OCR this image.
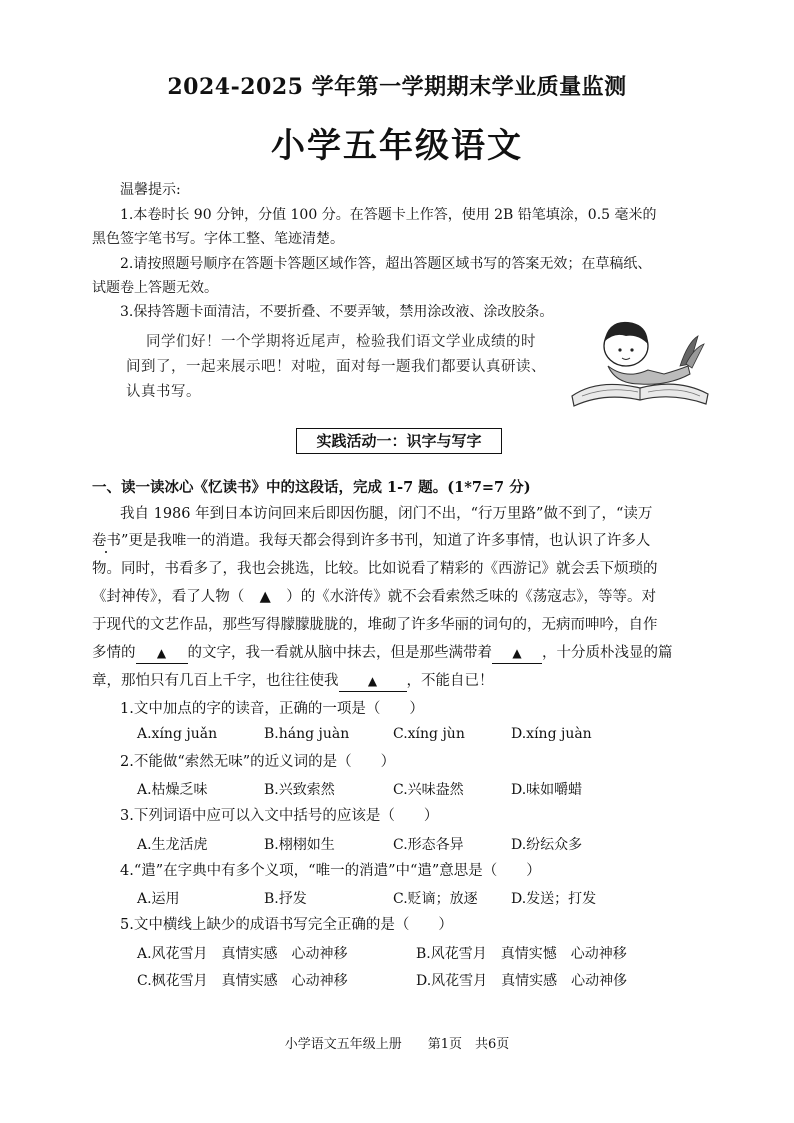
2024-2025 学年第一学期期末学业质量监测
小学五年级语文
温馨提示:
1.本卷时长 90 分钟，分值 100 分。在答题卡上作答，使用 2B 铅笔填涂，0.5 毫米的
黑色签字笔书写。字体工整、笔迹清楚。
2.请按照题号顺序在答题卡答题区域作答，超出答题区域书写的答案无效；在草稿纸、
试题卷上答题无效。
3.保持答题卡面清洁，不要折叠、不要弄皱，禁用涂改液、涂改胶条。
同学们好！一个学期将近尾声，检验我们语文学业成绩的时
间到了，一起来展示吧！对啦，面对每一题我们都要认真研读、
认真书写。
实践活动一：识字与写字
一、读一读冰心《忆读书》中的这段话，完成 1-7 题。(1*7=7 分)
我自 1986 年到日本访问回来后即因伤腿，闭门不出，“行万里路”做不到了，“读万
卷书”更是我唯一的消遣。我每天都会得到许多书刊，知道了许多事情，也认识了许多人
物。同时，书看多了，我也会挑选，比较。比如说看了精彩的《西游记》就会丢下烦琐的
《封神传》，看了人物（ ▲ ）的《水浒传》就不会看索然乏味的《荡寇志》，等等。对
于现代的文艺作品，那些写得朦朦胧胧的，堆砌了许多华丽的词句的，无病而呻吟，自作
多情的 ▲ 的文字，我一看就从脑中抹去，但是那些满带着 ▲ ，十分质朴浅显的篇
章，那怕只有几百上千字，也往往使我 ▲ ，不能自已！
1.文中加点的字的读音，正确的一项是（　　）
A.xíng juǎn	B.háng juàn	C.xíng jùn	D.xíng juàn
2.不能做“索然无味”的近义词的是（　　）
A.枯燥乏味	B.兴致索然	C.兴味盎然	D.味如嚼蜡
3.下列词语中应可以入文中括号的应该是（　　）
A.生龙活虎	B.栩栩如生	C.形态各异	D.纷纭众多
4.“遣”在字典中有多个义项，“唯一的消遣”中“遣”意思是（　　）
A.运用	B.抒发	C.贬谪；放逐 D.发送；打发
5.文中横线上缺少的成语书写完全正确的是（　　）
A.风花雪月　真情实感　心动神移	B.风花雪月　真情实憾　心动神移
C.枫花雪月　真情实感　心动神移	D.风花雪月　真情实感　心动神侈
小学语文五年级上册　　第1页　共6页
